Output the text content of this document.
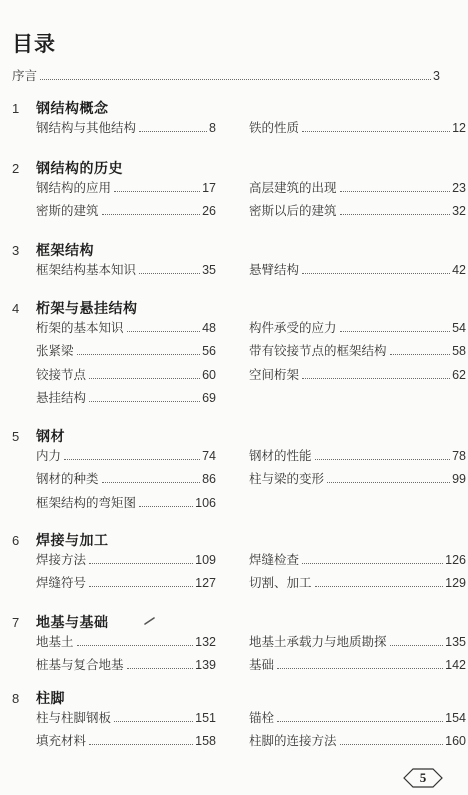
目录
序言	3
1	钢结构概念
钢结构与其他结构	8	铁的性质	12
2	钢结构的历史
钢结构的应用	17	高层建筑的出现	23
密斯的建筑	26	密斯以后的建筑	32
3	框架结构
框架结构基本知识	35	悬臂结构	42
4	桁架与悬挂结构
桁架的基本知识	48	构件承受的应力	54
张紧梁	56	带有铰接节点的框架结构	58
铰接节点	60	空间桁架	62
悬挂结构	69
5	钢材
内力	74	钢材的性能	78
钢材的种类	86	柱与梁的变形	99
框架结构的弯矩图	106
6	焊接与加工
焊接方法	109	焊缝检查	126
焊缝符号	127	切割、加工	129
7	地基与基础
地基土	132	地基土承载力与地质勘探	135
桩基与复合地基	139	基础	142
8	柱脚
柱与柱脚钢板	151	锚栓	154
填充材料	158	柱脚的连接方法	160
5
